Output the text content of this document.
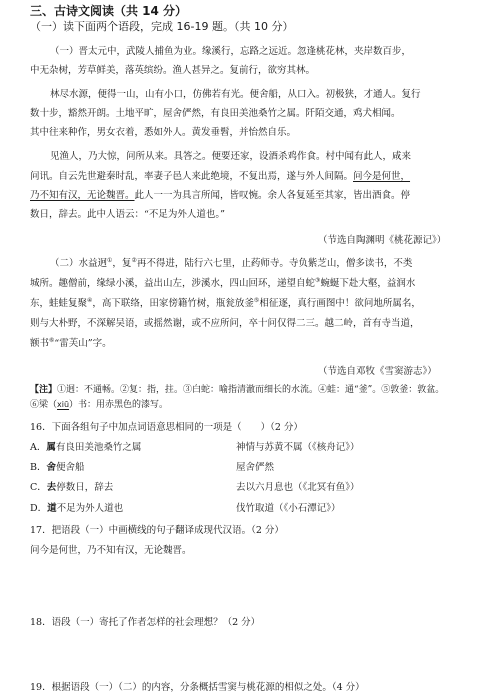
三、古诗文阅读（共 14 分）
（一）读下面两个语段，完成 16-19 题。（共 10 分）
（一）晋太元中，武陵人捕鱼为业。缘溪行，忘路之远近。忽逢桃花林，夹岸数百步，
中无杂树，芳草鲜美，落英缤纷。渔人甚异之。复前行，欲穷其林。
林尽水源，便得一山，山有小口，仿佛若有光。便舍船，从口入。初极狭，才通人。复行
数十步，豁然开朗。土地平旷，屋舍俨然，有良田美池桑竹之属。阡陌交通，鸡犬相闻。
其中往来种作，男女衣着，悉如外人。黄发垂髫，并怡然自乐。
见渔人，乃大惊，问所从来。具答之。便要还家，设酒杀鸡作食。村中闻有此人，咸来
问讯。自云先世避秦时乱，率妻子邑人来此绝境，不复出焉，遂与外人间隔。问今是何世，
乃不知有汉，无论魏晋。此人一一为具言所闻，皆叹惋。余人各复延至其家，皆出酒食。停
数日，辞去。此中人语云：“不足为外人道也。”
（节选自陶渊明《桃花源记》）
（二）水益迥①，复②再不得进，陆行六七里，止药师寺。寺负紫芝山，僧多读书，不类
城所。趣僧前，缘绿小溪，益出山左，涉溪水，四山回环，递望自蛇③蜿蜒下赴大壑，益润水
东，蛙蛙复聚④，高下联络，田家傍籍竹树，瓶瓮放釜⑤相征逐，真行画图中！欲问地所属名，
则与大朴野，不深解吴语，或摇然谢，或不应所问，卒十问仅得二三。越二岭，首有寺当道，
额书⑥“雷芙山”字。
（节选自邓牧《雪窦游志》）
【注】①迥：不通畅。②复：指，拄。③白蛇：喻指清澈而细长的水流。④蛙：通“釜”。⑤敦釜：敦盆。
⑥梁（xiū）书：用赤黑色的漆写。
16．下面各组句子中加点词语意思相同的一项是（　　）（2 分）
A．属有良田美池桑竹之属	神情与苏黄不属（《核舟记》）
B．舍便舍船	屋舍俨然
C．去停数日，辞去	去以六月息也（《北冥有鱼》）
D．道不足为外人道也	伐竹取道（《小石潭记》）
17．把语段（一）中画横线的句子翻译成现代汉语。（2 分）
问今是何世，乃不知有汉，无论魏晋。
18．语段（一）寄托了作者怎样的社会理想？（2 分）
19．根据语段（一）（二）的内容，分条概括雪窦与桃花源的相似之处。（4 分）
